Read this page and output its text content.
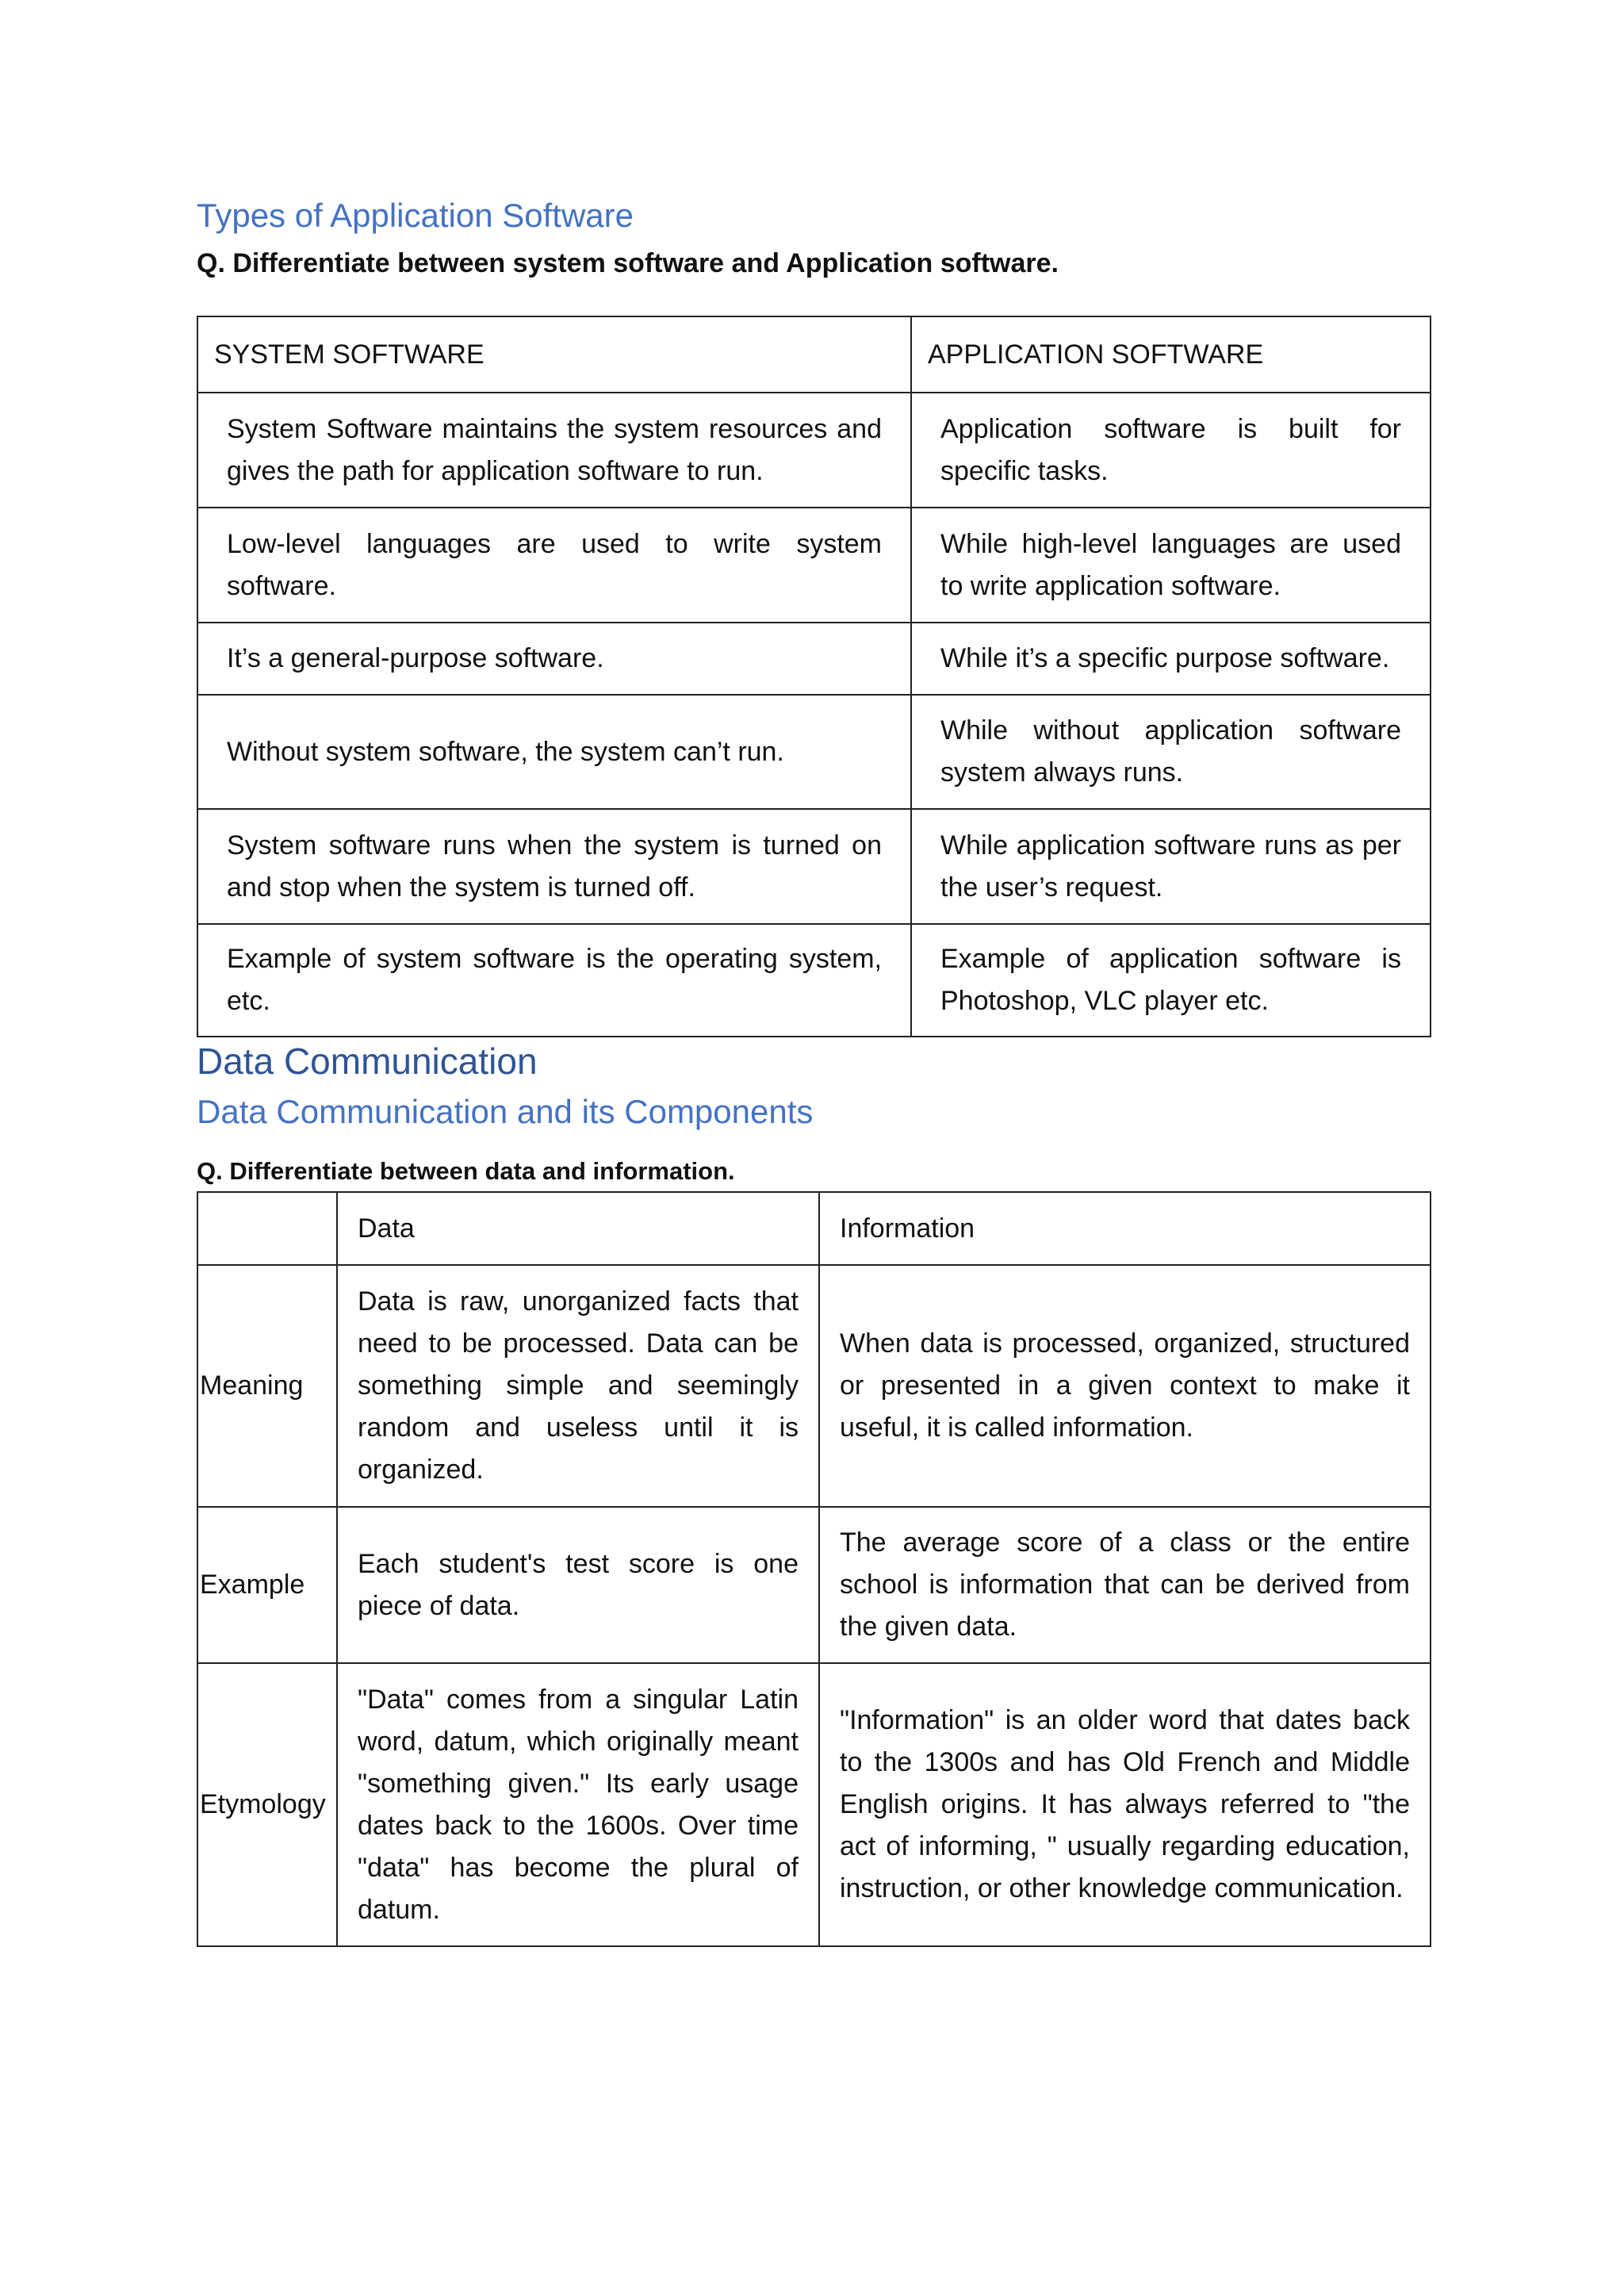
Types of Application Software

Q. Differentiate between system software and Application software.

SYSTEM SOFTWARE	APPLICATION SOFTWARE
System Software maintains the system resources and gives the path for application software to run.	Application software is built for specific tasks.
Low-level languages are used to write system software.	While high-level languages are used to write application software.
It’s a general-purpose software.	While it’s a specific purpose software.
Without system software, the system can’t run.	While without application software system always runs.
System software runs when the system is turned on and stop when the system is turned off.	While application software runs as per the user’s request.
Example of system software is the operating system, etc.	Example of application software is Photoshop, VLC player etc.
Data Communication
Data Communication and its Components

Q. Differentiate between data and information.

	Data	Information
Meaning	Data is raw, unorganized facts that need to be processed. Data can be something simple and seemingly random and useless until it is organized.	When data is processed, organized, structured or presented in a given context to make it useful, it is called information.
Example	Each student's test score is one piece of data.	The average score of a class or the entire school is information that can be derived from the given data.
Etymology	"Data" comes from a singular Latin word, datum, which originally meant "something given." Its early usage dates back to the 1600s. Over time "data" has become the plural of datum.	"Information" is an older word that dates back to the 1300s and has Old French and Middle English origins. It has always referred to "the act of informing, " usually regarding education, instruction, or other knowledge communication.
